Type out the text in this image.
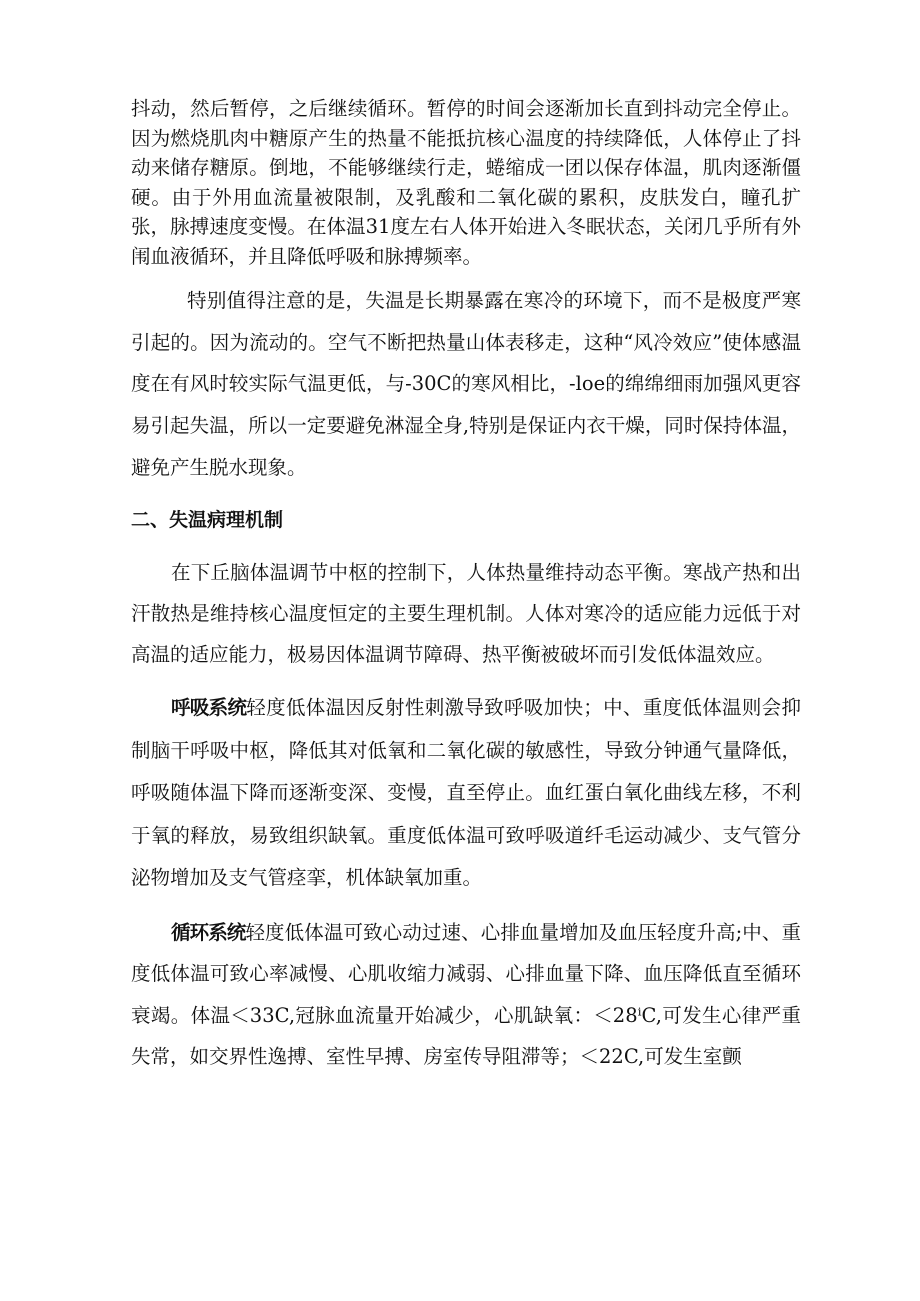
抖动，然后暂停，之后继续循环。暂停的时间会逐渐加长直到抖动完全停止。因为燃烧肌肉中糖原产生的热量不能抵抗核心温度的持续降低，人体停止了抖动来储存糖原。倒地，不能够继续行走，蜷缩成一团以保存体温，肌肉逐渐僵硬。由于外用血流量被限制，及乳酸和二氧化碳的累积，皮肤发白，瞳孔扩张，脉搏速度变慢。在体温31度左右人体开始进入冬眠状态，关闭几乎所有外闱血液循环，并且降低呼吸和脉搏频率。

特别值得注意的是，失温是长期暴露在寒冷的环境下，而不是极度严寒引起的。因为流动的。空气不断把热量山体表移走，这种“风冷效应”使体感温度在有风时较实际气温更低，与-30C的寒风相比，-loe的绵绵细雨加强风更容易引起失温，所以一定要避免淋湿全身,特别是保证内衣干燥，同时保持体温，避免产生脱水现象。

二、失温病理机制

在下丘脑体温调节中枢的控制下，人体热量维持动态平衡。寒战产热和出汗散热是维持核心温度恒定的主要生理机制。人体对寒冷的适应能力远低于对高温的适应能力，极易因体温调节障碍、热平衡被破坏而引发低体温效应。

呼吸系统轻度低体温因反射性刺激导致呼吸加快；中、重度低体温则会抑制脑干呼吸中枢，降低其对低氧和二氧化碳的敏感性，导致分钟通气量降低，呼吸随体温下降而逐渐变深、变慢，直至停止。血红蛋白氧化曲线左移，不利于氧的释放，易致组织缺氧。重度低体温可致呼吸道纤毛运动减少、支气管分泌物增加及支气管痉挛，机体缺氧加重。

循环系统轻度低体温可致心动过速、心排血量增加及血压轻度升高;中、重度低体温可致心率减慢、心肌收缩力减弱、心排血量下降、血压降低直至循环衰竭。体温＜33C,冠脉血流量开始减少，心肌缺氧：＜28ⁱC,可发生心律严重失常，如交界性逸搏、室性早搏、房室传导阻滞等；＜22C,可发生室颤
